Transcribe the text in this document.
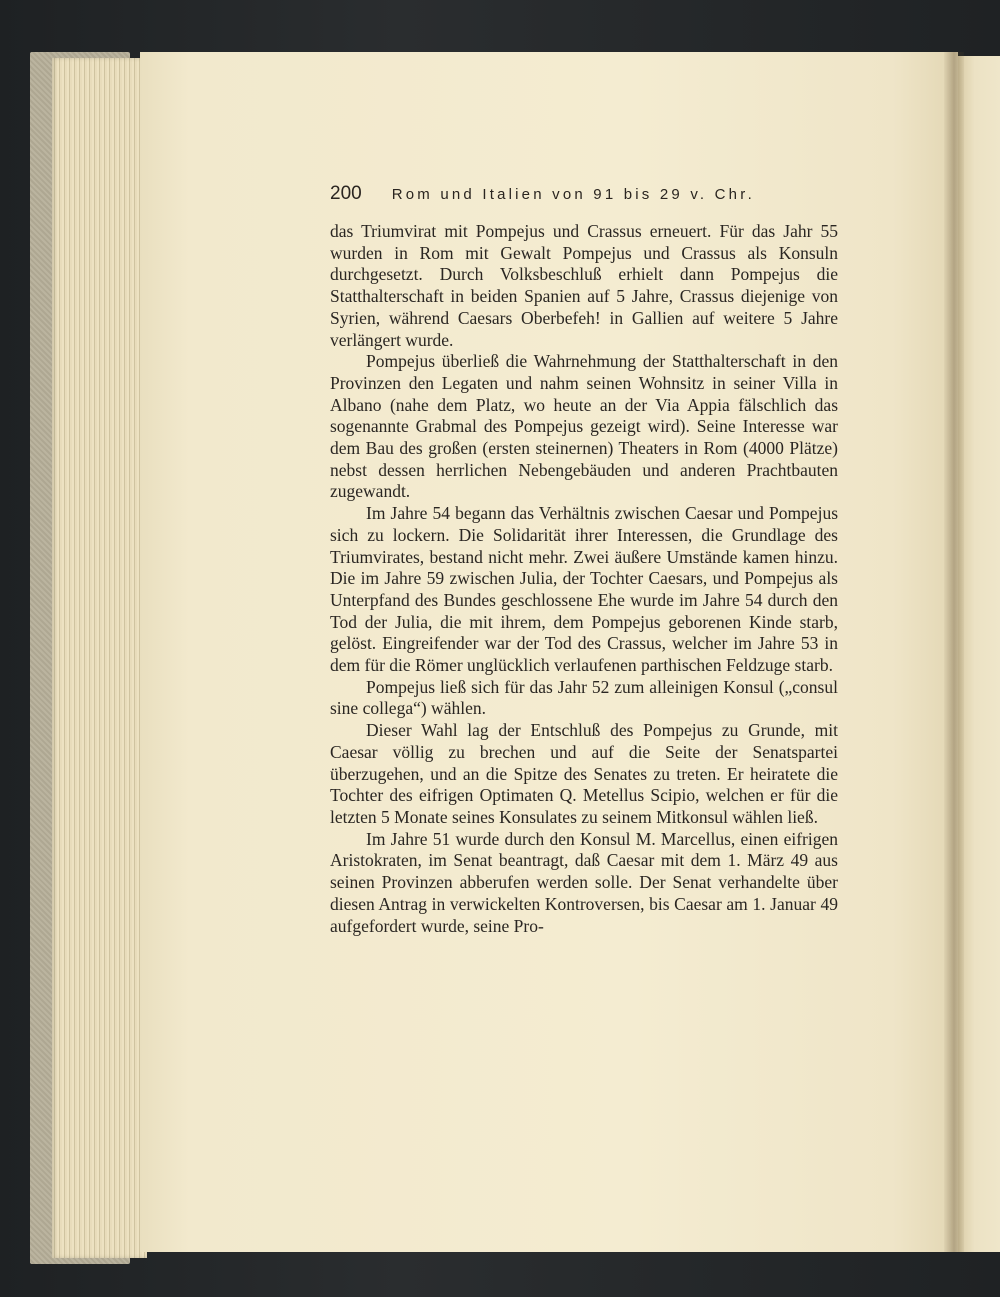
200 Rom und Italien von 91 bis 29 v. Chr.

das Triumvirat mit Pompejus und Crassus erneuert. Für das Jahr 55 wurden in Rom mit Gewalt Pompejus und Crassus als Konsuln durchgesetzt. Durch Volksbeschluß erhielt dann Pompejus die Statthalterschaft in beiden Spanien auf 5 Jahre, Crassus diejenige von Syrien, während Caesars Oberbefeh! in Gallien auf weitere 5 Jahre verlängert wurde.

Pompejus überließ die Wahrnehmung der Statthalterschaft in den Provinzen den Legaten und nahm seinen Wohnsitz in seiner Villa in Albano (nahe dem Platz, wo heute an der Via Appia fälschlich das sogenannte Grabmal des Pompejus gezeigt wird). Seine Interesse war dem Bau des großen (ersten steinernen) Theaters in Rom (4000 Plätze) nebst dessen herrlichen Nebengebäuden und anderen Prachtbauten zugewandt.

Im Jahre 54 begann das Verhältnis zwischen Caesar und Pompejus sich zu lockern. Die Solidarität ihrer Interessen, die Grundlage des Triumvirates, bestand nicht mehr. Zwei äußere Umstände kamen hinzu. Die im Jahre 59 zwischen Julia, der Tochter Caesars, und Pompejus als Unterpfand des Bundes geschlossene Ehe wurde im Jahre 54 durch den Tod der Julia, die mit ihrem, dem Pompejus geborenen Kinde starb, gelöst. Eingreifender war der Tod des Crassus, welcher im Jahre 53 in dem für die Römer unglücklich verlaufenen parthischen Feldzuge starb.

Pompejus ließ sich für das Jahr 52 zum alleinigen Konsul („consul sine collega“) wählen.

Dieser Wahl lag der Entschluß des Pompejus zu Grunde, mit Caesar völlig zu brechen und auf die Seite der Senatspartei überzugehen, und an die Spitze des Senates zu treten. Er heiratete die Tochter des eifrigen Optimaten Q. Metellus Scipio, welchen er für die letzten 5 Monate seines Konsulates zu seinem Mitkonsul wählen ließ.

Im Jahre 51 wurde durch den Konsul M. Marcellus, einen eifrigen Aristokraten, im Senat beantragt, daß Caesar mit dem 1. März 49 aus seinen Provinzen abberufen werden solle. Der Senat verhandelte über diesen Antrag in verwickelten Kontroversen, bis Caesar am 1. Januar 49 aufgefordert wurde, seine Pro-
